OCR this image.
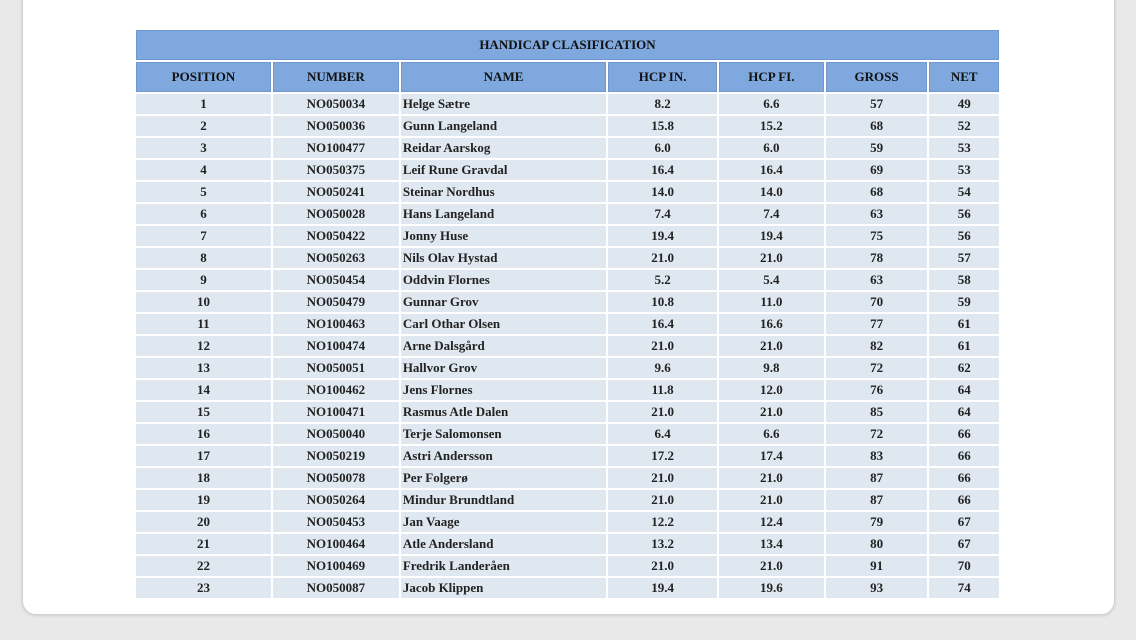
HANDICAP CLASIFICATION						
POSITION	NUMBER	NAME	HCP IN.	HCP FI.	GROSS	NET
1	NO050034	Helge Sætre	8.2	6.6	57	49
2	NO050036	Gunn Langeland	15.8	15.2	68	52
3	NO100477	Reidar Aarskog	6.0	6.0	59	53
4	NO050375	Leif Rune Gravdal	16.4	16.4	69	53
5	NO050241	Steinar Nordhus	14.0	14.0	68	54
6	NO050028	Hans Langeland	7.4	7.4	63	56
7	NO050422	Jonny Huse	19.4	19.4	75	56
8	NO050263	Nils Olav Hystad	21.0	21.0	78	57
9	NO050454	Oddvin Flornes	5.2	5.4	63	58
10	NO050479	Gunnar Grov	10.8	11.0	70	59
11	NO100463	Carl Othar Olsen	16.4	16.6	77	61
12	NO100474	Arne Dalsgård	21.0	21.0	82	61
13	NO050051	Hallvor Grov	9.6	9.8	72	62
14	NO100462	Jens Flornes	11.8	12.0	76	64
15	NO100471	Rasmus Atle Dalen	21.0	21.0	85	64
16	NO050040	Terje Salomonsen	6.4	6.6	72	66
17	NO050219	Astri Andersson	17.2	17.4	83	66
18	NO050078	Per Folgerø	21.0	21.0	87	66
19	NO050264	Mindur Brundtland	21.0	21.0	87	66
20	NO050453	Jan Vaage	12.2	12.4	79	67
21	NO100464	Atle Andersland	13.2	13.4	80	67
22	NO100469	Fredrik Landeråen	21.0	21.0	91	70
23	NO050087	Jacob Klippen	19.4	19.6	93	74
